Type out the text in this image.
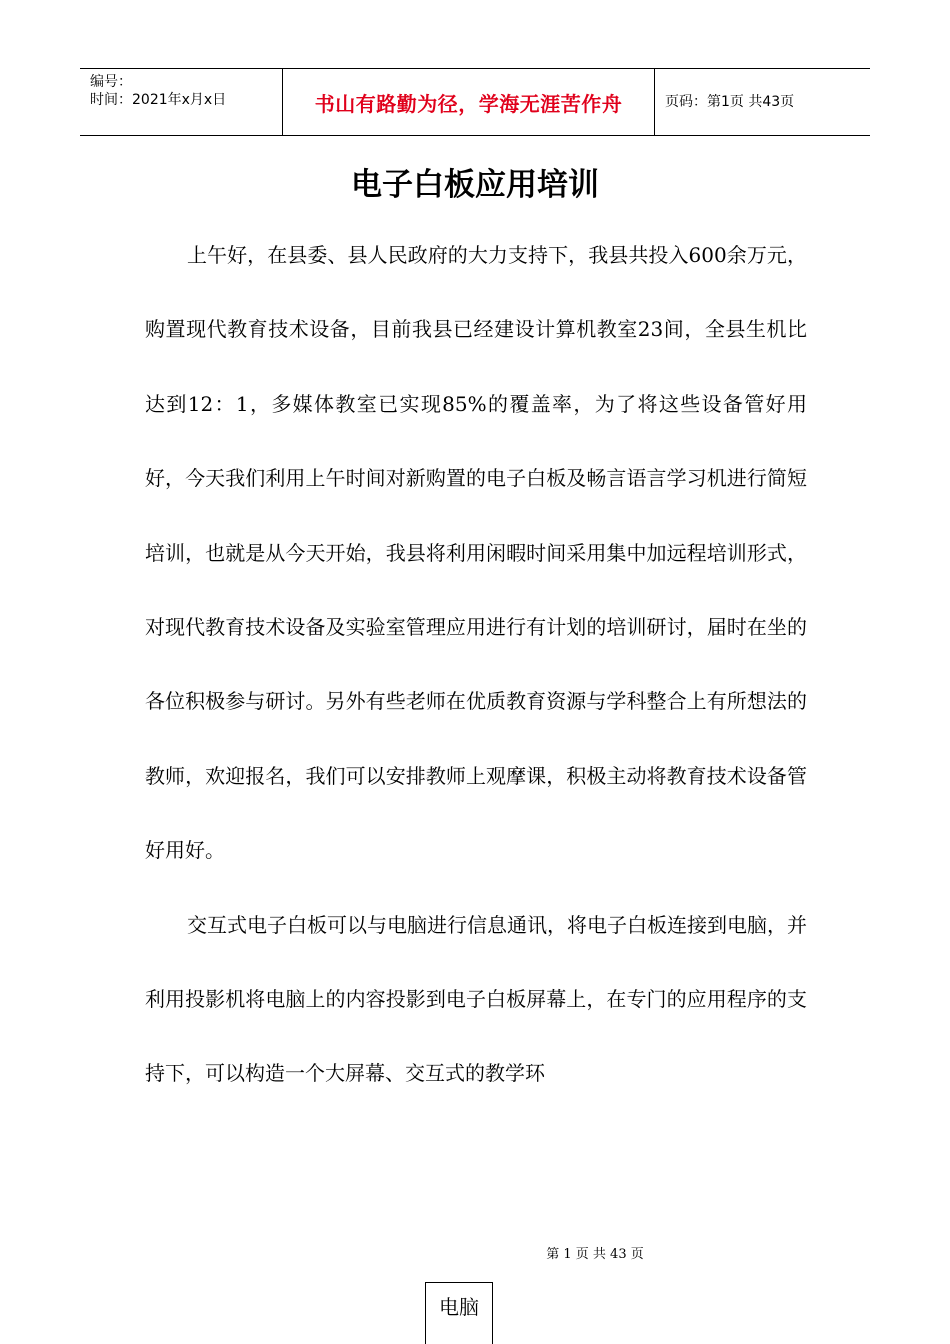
编号：
时间：2021年x月x日	书山有路勤为径，学海无涯苦作舟	页码：第1页 共43页
电子白板应用培训

上午好，在县委、县人民政府的大力支持下，我县共投入600余万元，购置现代教育技术设备，目前我县已经建设计算机教室23间，全县生机比达到12：1，多媒体教室已实现85%的覆盖率，为了将这些设备管好用好，今天我们利用上午时间对新购置的电子白板及畅言语言学习机进行简短培训，也就是从今天开始，我县将利用闲暇时间采用集中加远程培训形式，对现代教育技术设备及实验室管理应用进行有计划的培训研讨，届时在坐的各位积极参与研讨。另外有些老师在优质教育资源与学科整合上有所想法的教师，欢迎报名，我们可以安排教师上观摩课，积极主动将教育技术设备管好用好。

交互式电子白板可以与电脑进行信息通讯，将电子白板连接到电脑，并利用投影机将电脑上的内容投影到电子白板屏幕上，在专门的应用程序的支持下，可以构造一个大屏幕、交互式的教学环

第 1 页 共 43 页
电脑
